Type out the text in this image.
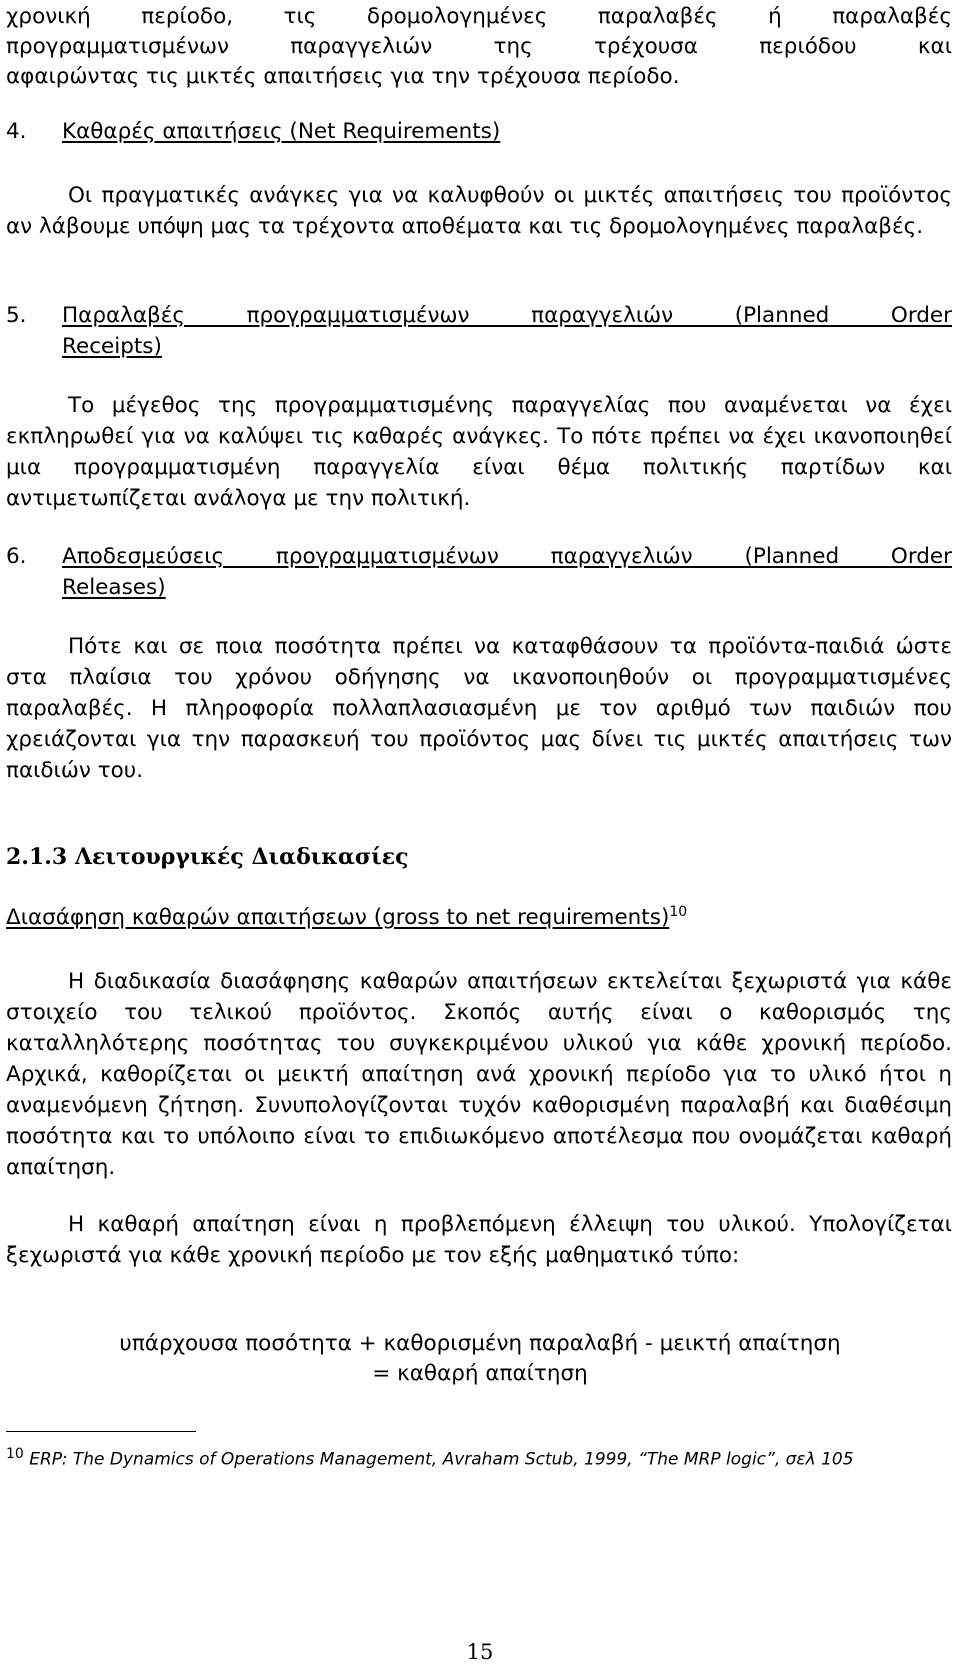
χρονική περίοδο, τις δρομολογημένες παραλαβές ή παραλαβές
προγραμματισμένων παραγγελιών της τρέχουσα περιόδου και
αφαιρώντας τις μικτές απαιτήσεις για την τρέχουσα περίοδο.
4. Καθαρές απαιτήσεις (Net Requirements)

Οι πραγματικές ανάγκες για να καλυφθούν οι μικτές απαιτήσεις του προϊόντος αν λάβουμε υπόψη μας τα τρέχοντα αποθέματα και τις δρομολογημένες παραλαβές.

5. Παραλαβές προγραμματισμένων παραγγελιών (Planned Order
Receipts)

Το μέγεθος της προγραμματισμένης παραγγελίας που αναμένεται να έχει εκπληρωθεί για να καλύψει τις καθαρές ανάγκες. Το πότε πρέπει να έχει ικανοποιηθεί μια προγραμματισμένη παραγγελία είναι θέμα πολιτικής παρτίδων και αντιμετωπίζεται ανάλογα με την πολιτική.

6. Αποδεσμεύσεις προγραμματισμένων παραγγελιών (Planned Order
Releases)

Πότε και σε ποια ποσότητα πρέπει να καταφθάσουν τα προϊόντα-παιδιά ώστε στα πλαίσια του χρόνου οδήγησης να ικανοποιηθούν οι προγραμματισμένες παραλαβές. Η πληροφορία πολλαπλασιασμένη με τον αριθμό των παιδιών που χρειάζονται για την παρασκευή του προϊόντος μας δίνει τις μικτές απαιτήσεις των παιδιών του.

2.1.3 Λειτουργικές Διαδικασίες
Διασάφηση καθαρών απαιτήσεων (gross to net requirements)$^{10}$

Η διαδικασία διασάφησης καθαρών απαιτήσεων εκτελείται ξεχωριστά για κάθε στοιχείο του τελικού προϊόντος. Σκοπός αυτής είναι ο καθορισμός της καταλληλότερης ποσότητας του συγκεκριμένου υλικού για κάθε χρονική περίοδο. Αρχικά, καθορίζεται οι μεικτή απαίτηση ανά χρονική περίοδο για το υλικό ήτοι η αναμενόμενη ζήτηση. Συνυπολογίζονται τυχόν καθορισμένη παραλαβή και διαθέσιμη ποσότητα και το υπόλοιπο είναι το επιδιωκόμενο αποτέλεσμα που ονομάζεται καθαρή απαίτηση.

Η καθαρή απαίτηση είναι η προβλεπόμενη έλλειψη του υλικού. Υπολογίζεται ξεχωριστά για κάθε χρονική περίοδο με τον εξής μαθηματικό τύπο:

υπάρχουσα ποσότητα + καθορισμένη παραλαβή - μεικτή απαίτηση
= καθαρή απαίτηση
$^{10}$ ERP: The Dynamics of Operations Management, Avraham Sctub, 1999, “The MRP logic”, σελ 105
15
